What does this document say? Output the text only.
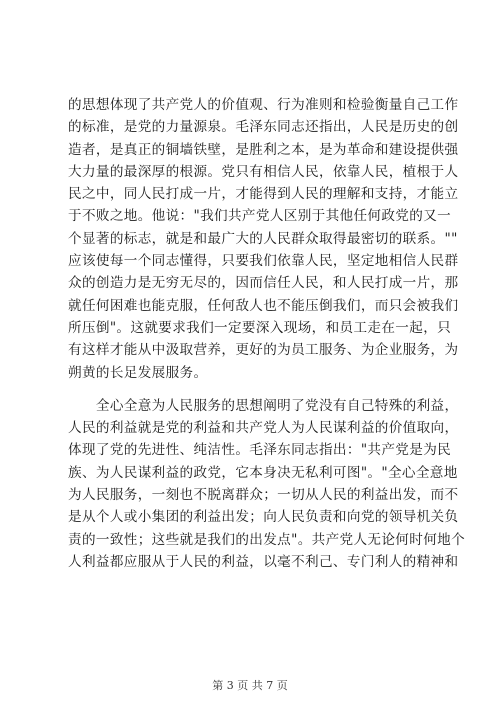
的思想体现了共产党人的价值观、行为准则和检验衡量自己工作
的标准，是党的力量源泉。毛泽东同志还指出，人民是历史的创
造者，是真正的铜墙铁壁，是胜利之本，是为革命和建设提供强
大力量的最深厚的根源。党只有相信人民，依靠人民，植根于人
民之中，同人民打成一片，才能得到人民的理解和支持，才能立
于不败之地。他说："我们共产党人区别于其他任何政党的又一
个显著的标志，就是和最广大的人民群众取得最密切的联系。""
应该使每一个同志懂得，只要我们依靠人民，坚定地相信人民群
众的创造力是无穷无尽的，因而信任人民，和人民打成一片，那
就任何困难也能克服，任何敌人也不能压倒我们，而只会被我们
所压倒"。这就要求我们一定要深入现场，和员工走在一起，只
有这样才能从中汲取营养，更好的为员工服务、为企业服务，为
朔黄的长足发展服务。
　　全心全意为人民服务的思想阐明了党没有自己特殊的利益，
人民的利益就是党的利益和共产党人为人民谋利益的价值取向，
体现了党的先进性、纯洁性。毛泽东同志指出："共产党是为民
族、为人民谋利益的政党，它本身决无私利可图"。"全心全意地
为人民服务，一刻也不脱离群众；一切从人民的利益出发，而不
是从个人或小集团的利益出发；向人民负责和向党的领导机关负
责的一致性；这些就是我们的出发点"。共产党人无论何时何地个
人利益都应服从于人民的利益，以毫不利己、专门利人的精神和
第 3 页 共 7 页
